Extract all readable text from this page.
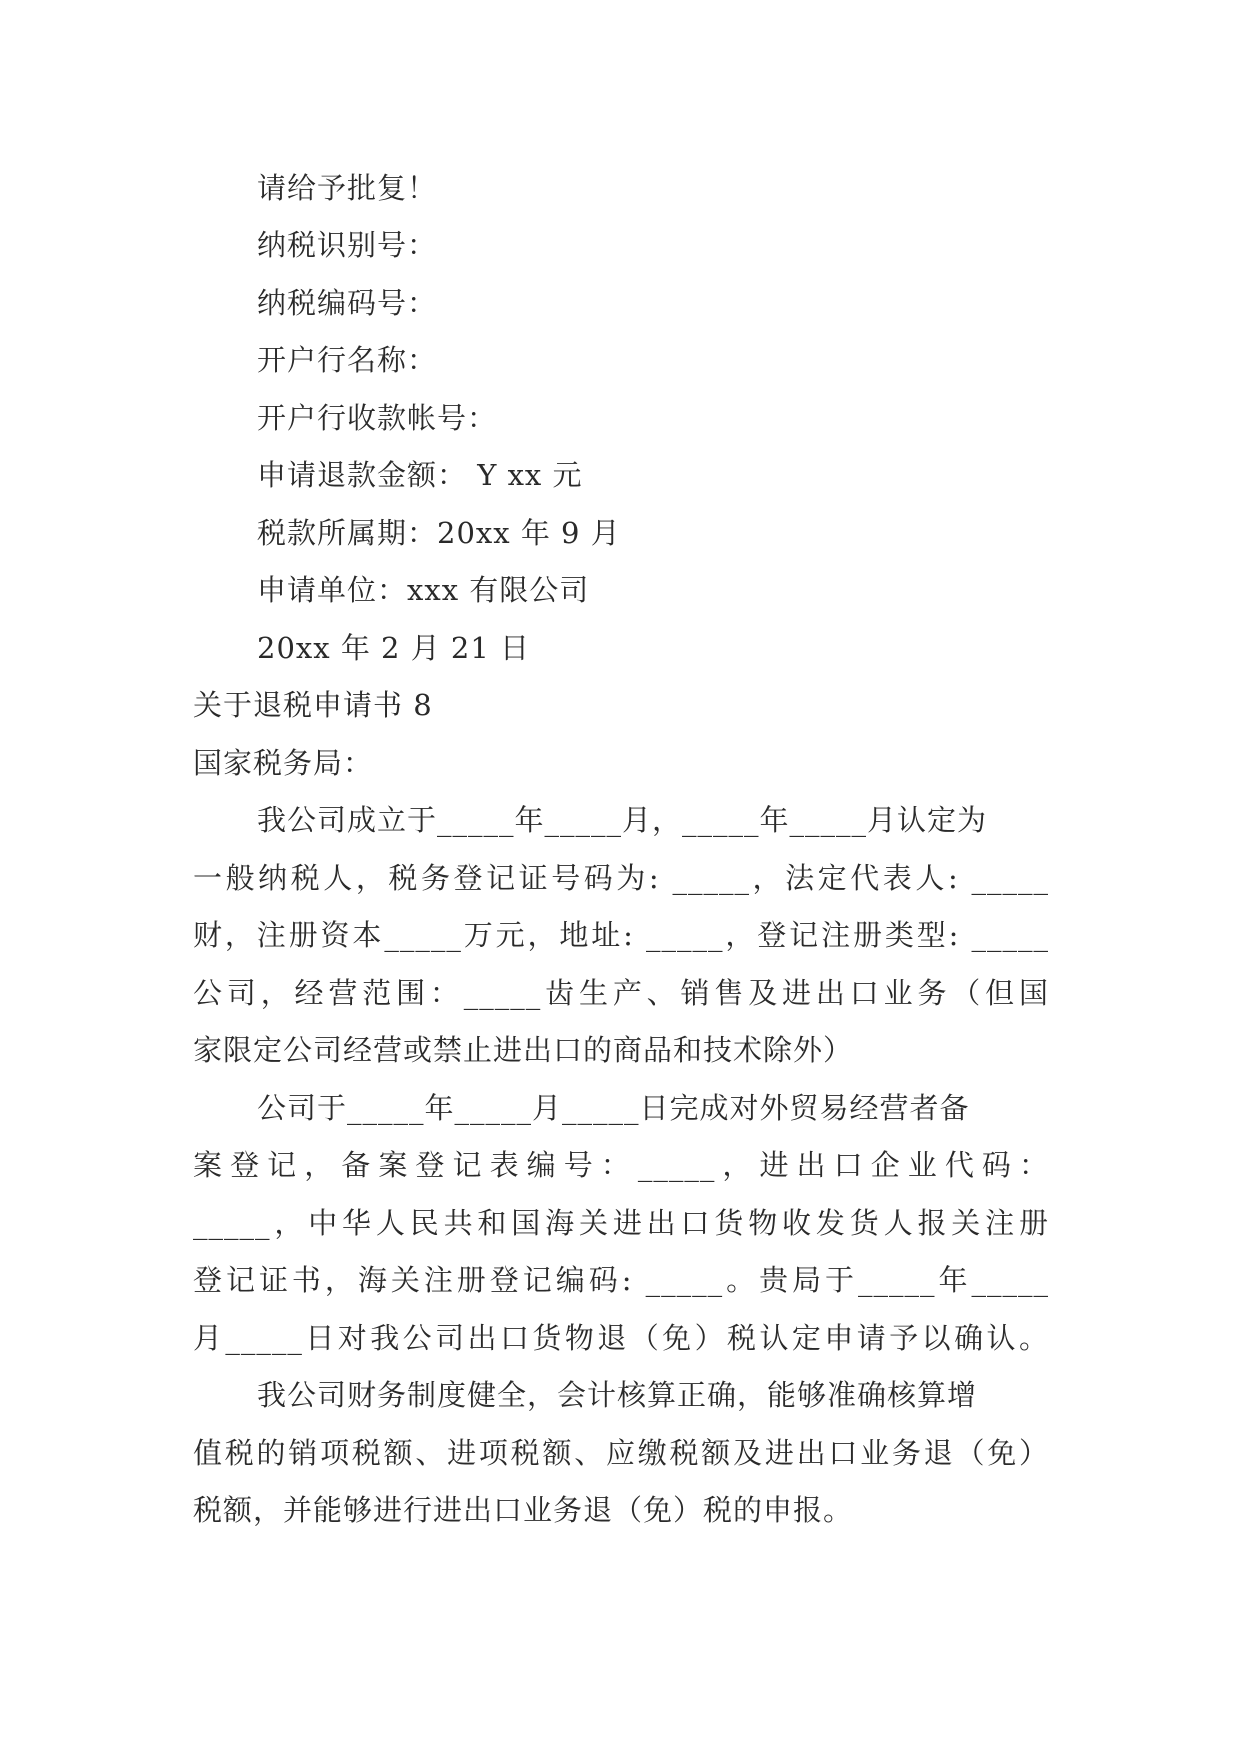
请给予批复！
纳税识别号：
纳税编码号：
开户行名称：
开户行收款帐号：
申请退款金额： Y xx 元
税款所属期：20xx 年 9 月
申请单位：xxx 有限公司
20xx 年 2 月 21 日
关于退税申请书 8
国家税务局：
我公司成立于_____年_____月，_____年_____月认定为
一般纳税人，税务登记证号码为: _____，法定代表人: _____
财，注册资本_____万元，地址: _____，登记注册类型: _____
公司，经营范围：_____齿生产、销售及进出口业务（但国
家限定公司经营或禁止进出口的商品和技术除外）
公司于_____年_____月_____日完成对外贸易经营者备
案登记，备案登记表编号：_____，进出口企业代码：
_____，中华人民共和国海关进出口货物收发货人报关注册
登记证书，海关注册登记编码: _____。贵局于_____年_____
月_____日对我公司出口货物退（免）税认定申请予以确认。
我公司财务制度健全，会计核算正确，能够准确核算增
值税的销项税额、进项税额、应缴税额及进出口业务退（免）
税额，并能够进行进出口业务退（免）税的申报。
